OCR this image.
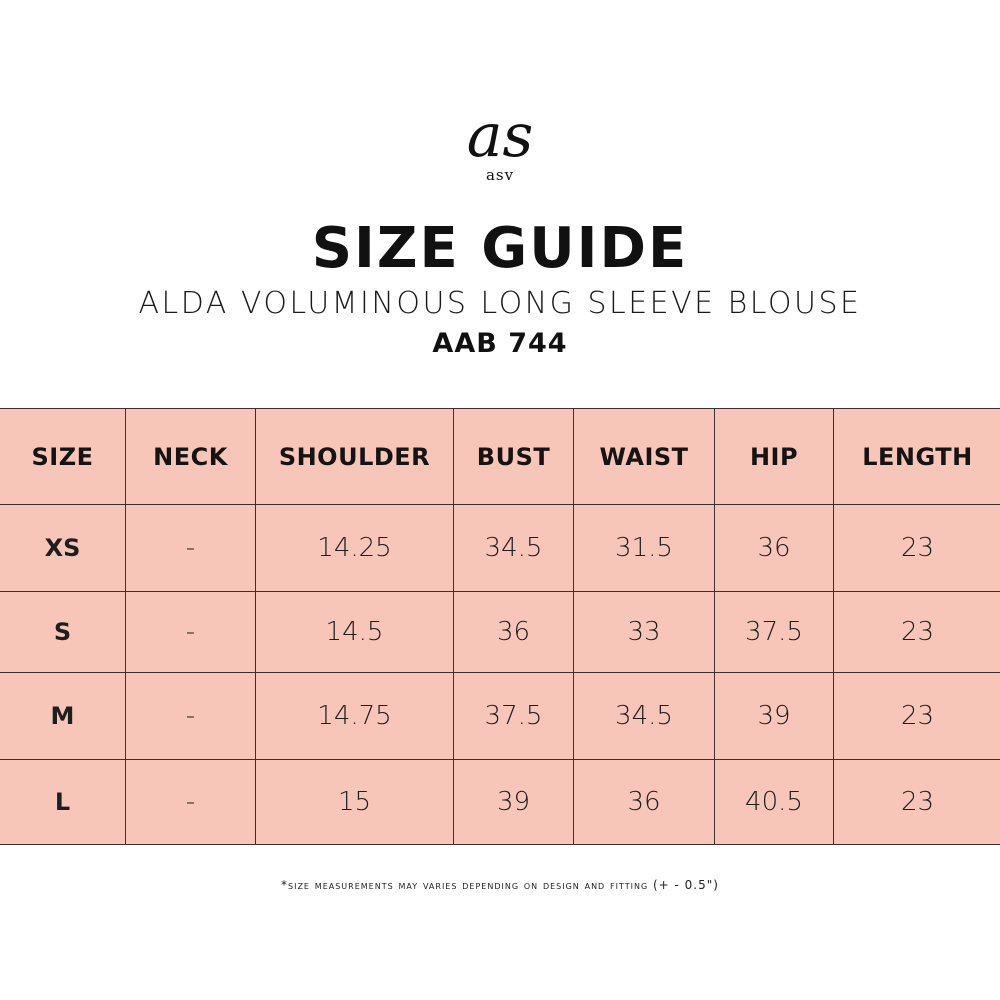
as
asv
SIZE GUIDE
ALDA VOLUMINOUS LONG SLEEVE BLOUSE
AAB 744
SIZE	NECK	SHOULDER	BUST	WAIST	HIP	LENGTH
XS	-	14.25	34.5	31.5	36	23
S	-	14.5	36	33	37.5	23
M	-	14.75	37.5	34.5	39	23
L	-	15	39	36	40.5	23
*size measurements may varies depending on design and fitting (+ - 0.5")
